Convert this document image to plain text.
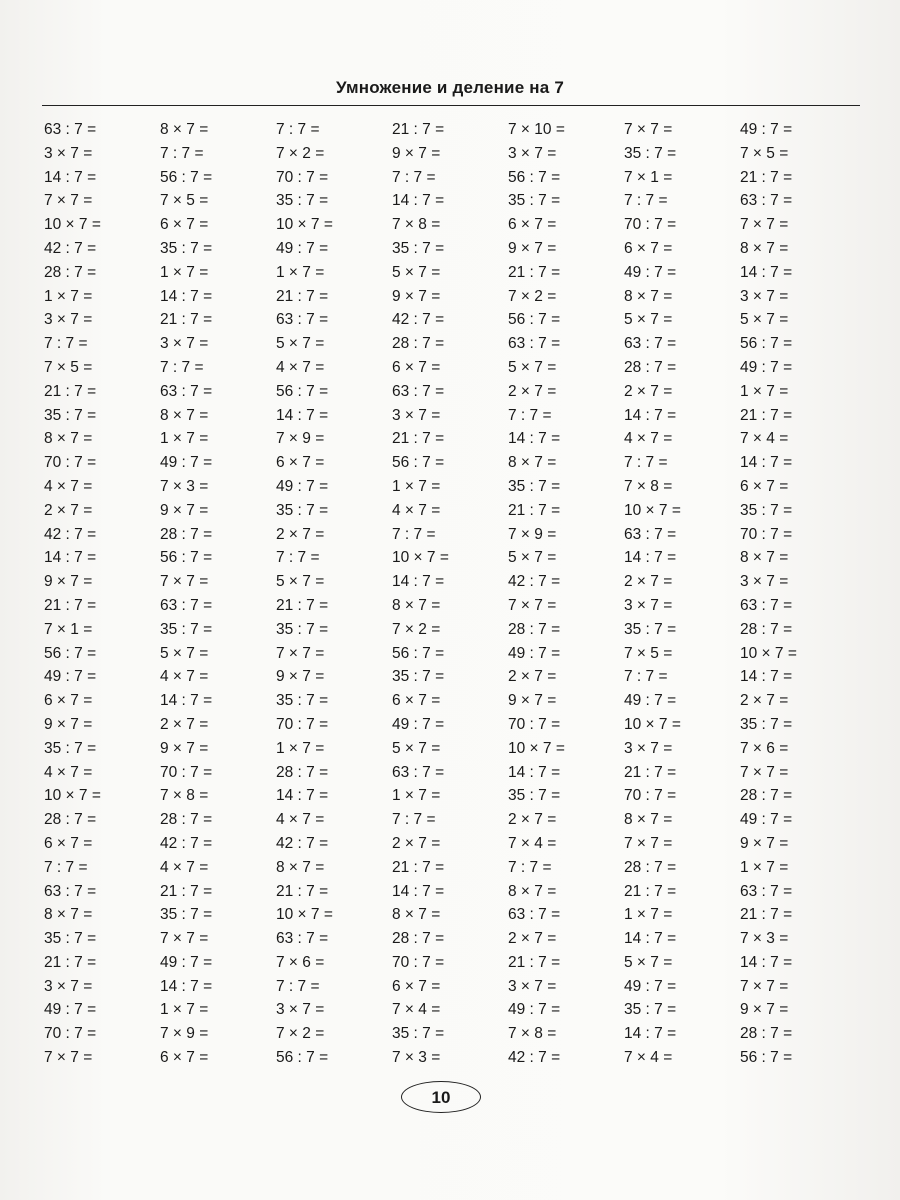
Умножение и деление на 7
63 : 7 =	8 × 7 =	7 : 7 =	21 : 7 =	7 × 10 =	7 × 7 =	49 : 7 =
3 × 7 =	7 : 7 =	7 × 2 =	9 × 7 =	3 × 7 =	35 : 7 =	7 × 5 =
14 : 7 =	56 : 7 =	70 : 7 =	7 : 7 =	56 : 7 =	7 × 1 =	21 : 7 =
7 × 7 =	7 × 5 =	35 : 7 =	14 : 7 =	35 : 7 =	7 : 7 =	63 : 7 =
10 × 7 =	6 × 7 =	10 × 7 =	7 × 8 =	6 × 7 =	70 : 7 =	7 × 7 =
42 : 7 =	35 : 7 =	49 : 7 =	35 : 7 =	9 × 7 =	6 × 7 =	8 × 7 =
28 : 7 =	1 × 7 =	1 × 7 =	5 × 7 =	21 : 7 =	49 : 7 =	14 : 7 =
1 × 7 =	14 : 7 =	21 : 7 =	9 × 7 =	7 × 2 =	8 × 7 =	3 × 7 =
3 × 7 =	21 : 7 =	63 : 7 =	42 : 7 =	56 : 7 =	5 × 7 =	5 × 7 =
7 : 7 =	3 × 7 =	5 × 7 =	28 : 7 =	63 : 7 =	63 : 7 =	56 : 7 =
7 × 5 =	7 : 7 =	4 × 7 =	6 × 7 =	5 × 7 =	28 : 7 =	49 : 7 =
21 : 7 =	63 : 7 =	56 : 7 =	63 : 7 =	2 × 7 =	2 × 7 =	1 × 7 =
35 : 7 =	8 × 7 =	14 : 7 =	3 × 7 =	7 : 7 =	14 : 7 =	21 : 7 =
8 × 7 =	1 × 7 =	7 × 9 =	21 : 7 =	14 : 7 =	4 × 7 =	7 × 4 =
70 : 7 =	49 : 7 =	6 × 7 =	56 : 7 =	8 × 7 =	7 : 7 =	14 : 7 =
4 × 7 =	7 × 3 =	49 : 7 =	1 × 7 =	35 : 7 =	7 × 8 =	6 × 7 =
2 × 7 =	9 × 7 =	35 : 7 =	4 × 7 =	21 : 7 =	10 × 7 =	35 : 7 =
42 : 7 =	28 : 7 =	2 × 7 =	7 : 7 =	7 × 9 =	63 : 7 =	70 : 7 =
14 : 7 =	56 : 7 =	7 : 7 =	10 × 7 =	5 × 7 =	14 : 7 =	8 × 7 =
9 × 7 =	7 × 7 =	5 × 7 =	14 : 7 =	42 : 7 =	2 × 7 =	3 × 7 =
21 : 7 =	63 : 7 =	21 : 7 =	8 × 7 =	7 × 7 =	3 × 7 =	63 : 7 =
7 × 1 =	35 : 7 =	35 : 7 =	7 × 2 =	28 : 7 =	35 : 7 =	28 : 7 =
56 : 7 =	5 × 7 =	7 × 7 =	56 : 7 =	49 : 7 =	7 × 5 =	10 × 7 =
49 : 7 =	4 × 7 =	9 × 7 =	35 : 7 =	2 × 7 =	7 : 7 =	14 : 7 =
6 × 7 =	14 : 7 =	35 : 7 =	6 × 7 =	9 × 7 =	49 : 7 =	2 × 7 =
9 × 7 =	2 × 7 =	70 : 7 =	49 : 7 =	70 : 7 =	10 × 7 =	35 : 7 =
35 : 7 =	9 × 7 =	1 × 7 =	5 × 7 =	10 × 7 =	3 × 7 =	7 × 6 =
4 × 7 =	70 : 7 =	28 : 7 =	63 : 7 =	14 : 7 =	21 : 7 =	7 × 7 =
10 × 7 =	7 × 8 =	14 : 7 =	1 × 7 =	35 : 7 =	70 : 7 =	28 : 7 =
28 : 7 =	28 : 7 =	4 × 7 =	7 : 7 =	2 × 7 =	8 × 7 =	49 : 7 =
6 × 7 =	42 : 7 =	42 : 7 =	2 × 7 =	7 × 4 =	7 × 7 =	9 × 7 =
7 : 7 =	4 × 7 =	8 × 7 =	21 : 7 =	7 : 7 =	28 : 7 =	1 × 7 =
63 : 7 =	21 : 7 =	21 : 7 =	14 : 7 =	8 × 7 =	21 : 7 =	63 : 7 =
8 × 7 =	35 : 7 =	10 × 7 =	8 × 7 =	63 : 7 =	1 × 7 =	21 : 7 =
35 : 7 =	7 × 7 =	63 : 7 =	28 : 7 =	2 × 7 =	14 : 7 =	7 × 3 =
21 : 7 =	49 : 7 =	7 × 6 =	70 : 7 =	21 : 7 =	5 × 7 =	14 : 7 =
3 × 7 =	14 : 7 =	7 : 7 =	6 × 7 =	3 × 7 =	49 : 7 =	7 × 7 =
49 : 7 =	1 × 7 =	3 × 7 =	7 × 4 =	49 : 7 =	35 : 7 =	9 × 7 =
70 : 7 =	7 × 9 =	7 × 2 =	35 : 7 =	7 × 8 =	14 : 7 =	28 : 7 =
7 × 7 =	6 × 7 =	56 : 7 =	7 × 3 =	42 : 7 =	7 × 4 =	56 : 7 =
10
